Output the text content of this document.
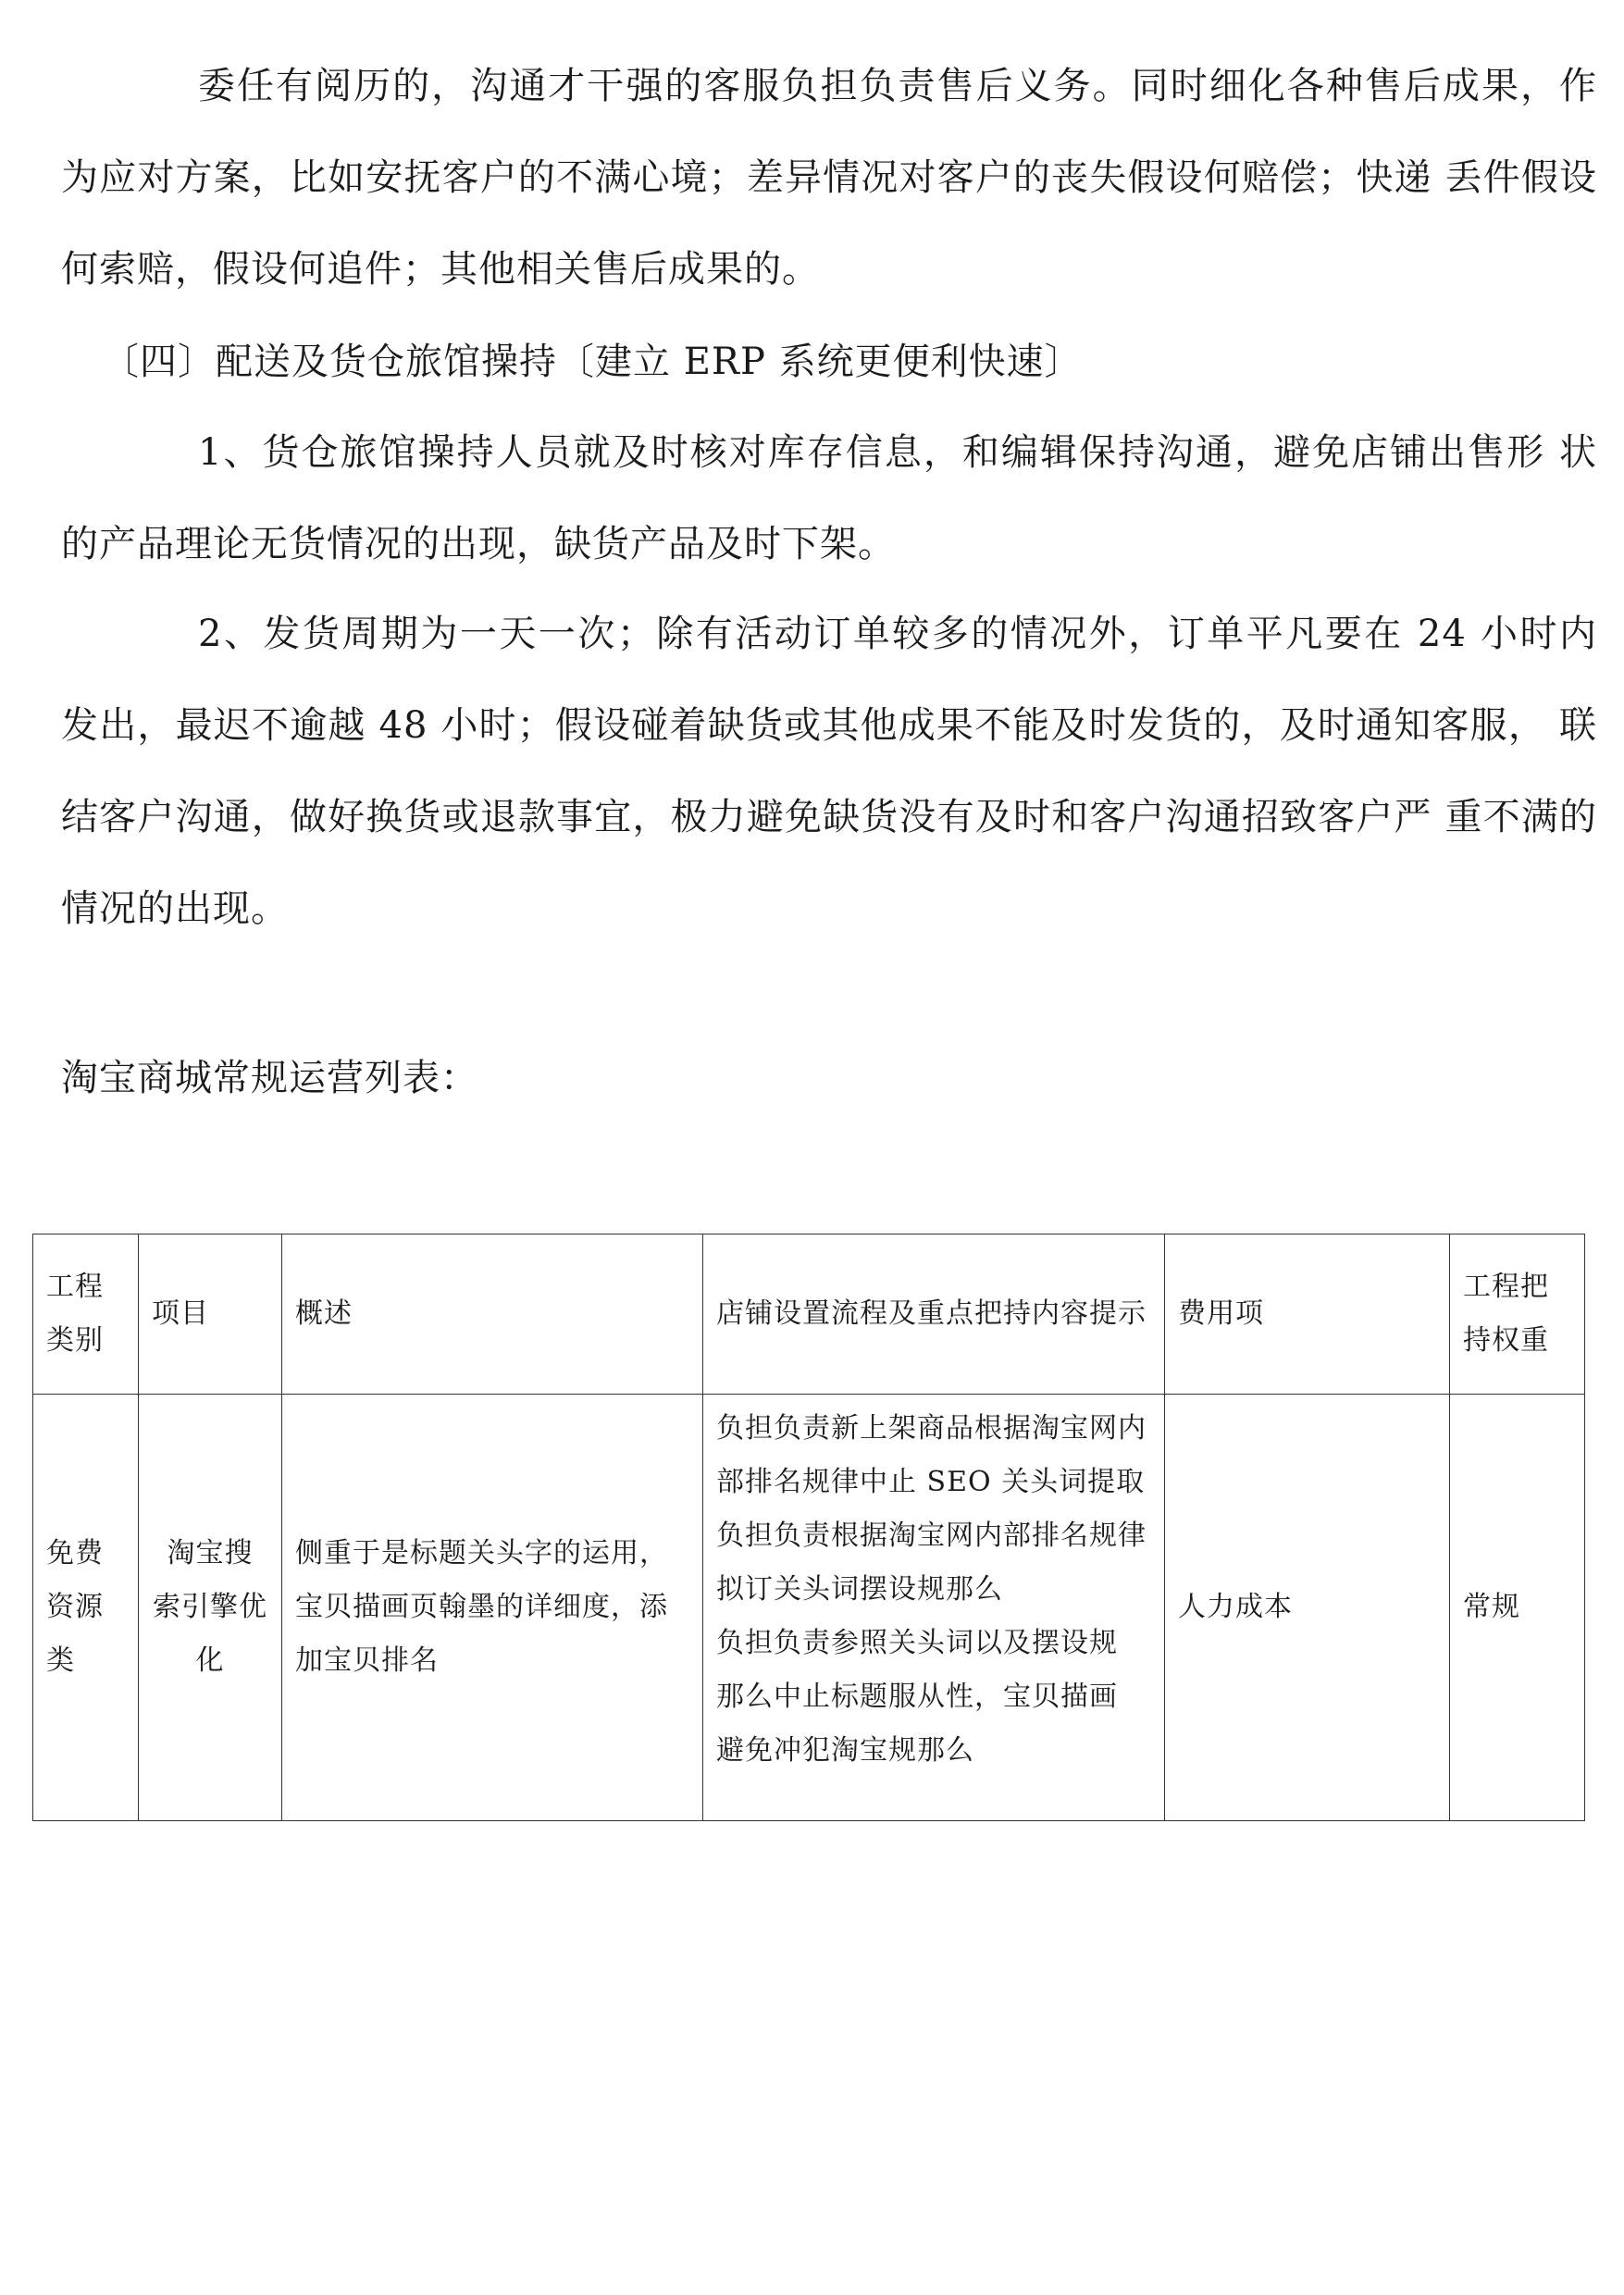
委任有阅历的，沟通才干强的客服负担负责售后义务。同时细化各种售后成果，作为应对方案，比如安抚客户的不满心境；差异情况对客户的丧失假设何赔偿；快递 丢件假设何索赔，假设何追件；其他相关售后成果的。
〔四〕配送及货仓旅馆操持〔建立 ERP 系统更便利快速〕
1、货仓旅馆操持人员就及时核对库存信息，和编辑保持沟通，避免店铺出售形 状的产品理论无货情况的出现，缺货产品及时下架。
2、发货周期为一天一次；除有活动订单较多的情况外，订单平凡要在 24 小时内 发出，最迟不逾越 48 小时；假设碰着缺货或其他成果不能及时发货的，及时通知客服， 联结客户沟通，做好换货或退款事宜，极力避免缺货没有及时和客户沟通招致客户严 重不满的情况的出现。
淘宝商城常规运营列表：
工程类别	项目	概述	店铺设置流程及重点把持内容提示	费用项	工程把持权重
免费资源类	淘宝搜 索引擎优化	侧重于是标题关头字的运用，宝贝描画页翰墨的详细度，添加宝贝排名	负担负责新上架商品根据淘宝网内部排名规律中止 SEO 关头词提取
负担负责根据淘宝网内部排名规律拟订关头词摆设规那么
负担负责参照关头词以及摆设规 那么中止标题服从性，宝贝描画 避免冲犯淘宝规那么	人力成本	常规
